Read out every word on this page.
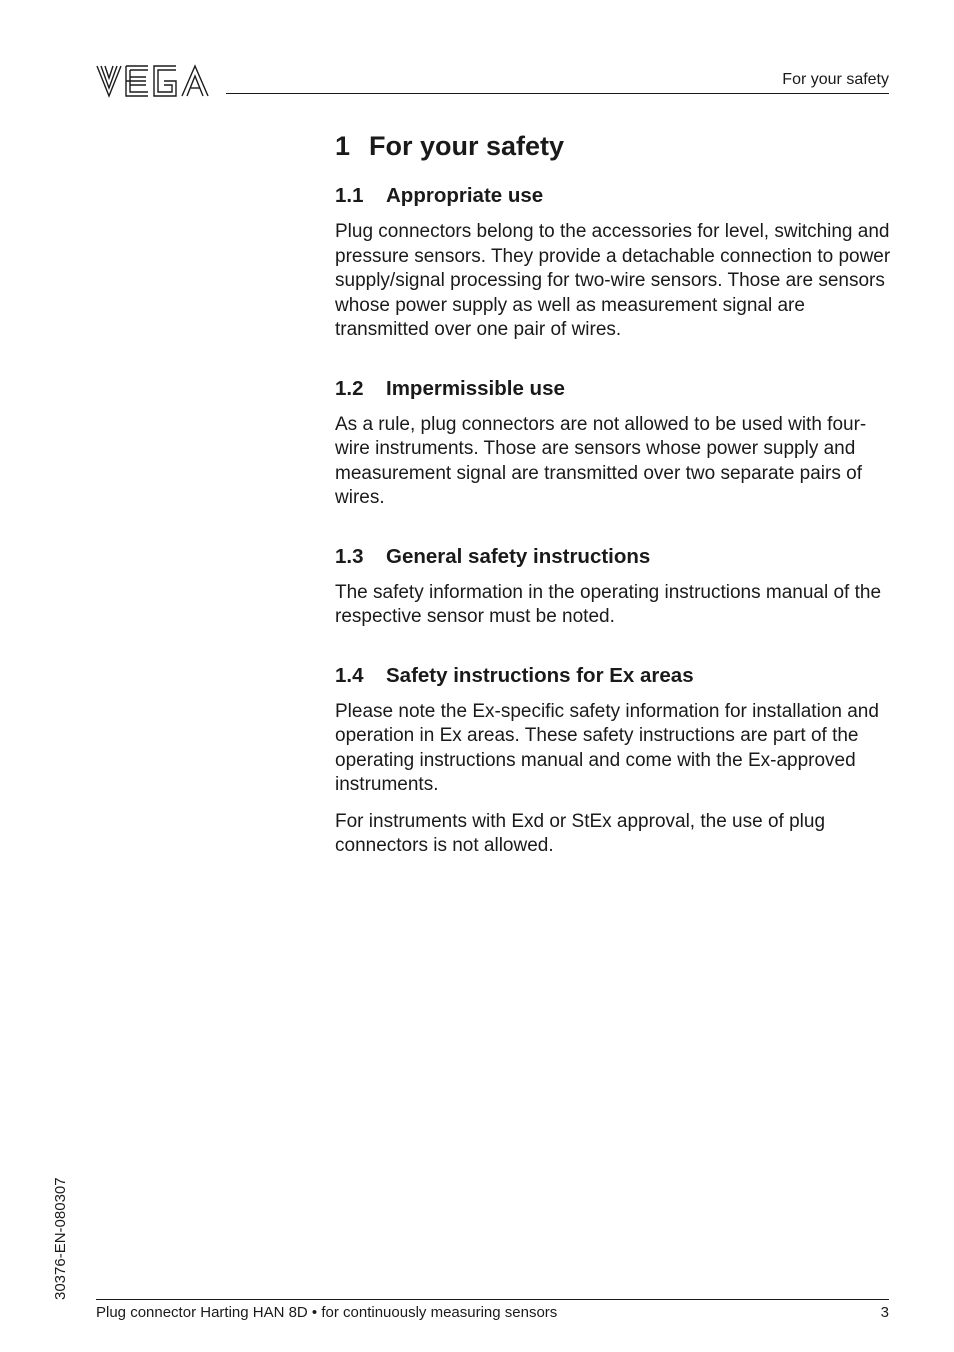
For your safety
1 For your safety
1.1 Appropriate use

Plug connectors belong to the accessories for level, switching and pressure sensors. They provide a detachable connection to power supply/signal processing for two-wire sensors. Those are sensors whose power supply as well as measurement signal are transmitted over one pair of wires.

1.2 Impermissible use

As a rule, plug connectors are not allowed to be used with four-wire instruments. Those are sensors whose power supply and measurement signal are transmitted over two separate pairs of wires.

1.3 General safety instructions

The safety information in the operating instructions manual of the respective sensor must be noted.

1.4 Safety instructions for Ex areas

Please note the Ex-specific safety information for installation and operation in Ex areas. These safety instructions are part of the operating instructions manual and come with the Ex-approved instruments.

For instruments with Exd or StEx approval, the use of plug connectors is not allowed.

30376-EN-080307
Plug connector Harting HAN 8D • for continuously measuring sensors	3
